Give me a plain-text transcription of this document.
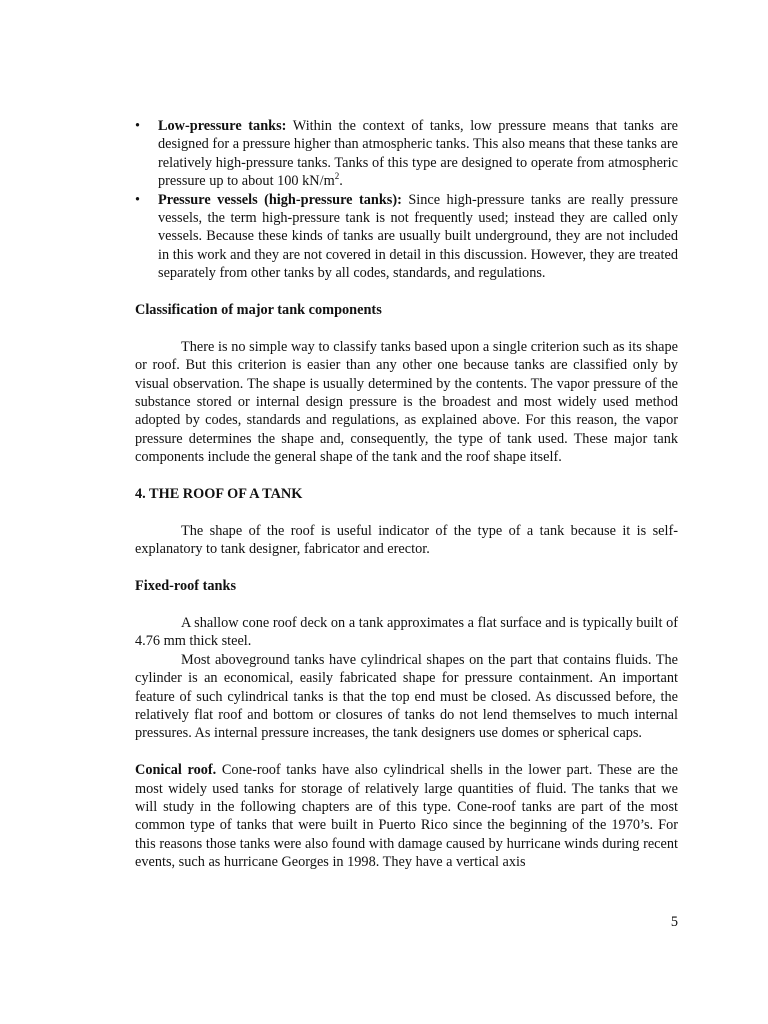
•	Low-pressure tanks: Within the context of tanks, low pressure means that tanks are designed for a pressure higher than atmospheric tanks. This also means that these tanks are relatively high-pressure tanks. Tanks of this type are designed to operate from atmospheric pressure up to about 100 $kN/m^2$.
•	Pressure vessels (high-pressure tanks): Since high-pressure tanks are really pressure vessels, the term high-pressure tank is not frequently used; instead they are called only vessels. Because these kinds of tanks are usually built underground, they are not included in this work and they are not covered in detail in this discussion. However, they are treated separately from other tanks by all codes, standards, and regulations.

Classification of major tank components

There is no simple way to classify tanks based upon a single criterion such as its shape or roof. But this criterion is easier than any other one because tanks are classified only by visual observation. The shape is usually determined by the contents. The vapor pressure of the substance stored or internal design pressure is the broadest and most widely used method adopted by codes, standards and regulations, as explained above. For this reason, the vapor pressure determines the shape and, consequently, the type of tank used. These major tank components include the general shape of the tank and the roof shape itself.

4. THE ROOF OF A TANK

The shape of the roof is useful indicator of the type of a tank because it is self-explanatory to tank designer, fabricator and erector.

Fixed-roof tanks

A shallow cone roof deck on a tank approximates a flat surface and is typically built of 4.76 mm thick steel.

Most aboveground tanks have cylindrical shapes on the part that contains fluids. The cylinder is an economical, easily fabricated shape for pressure containment. An important feature of such cylindrical tanks is that the top end must be closed. As discussed before, the relatively flat roof and bottom or closures of tanks do not lend themselves to much internal pressures. As internal pressure increases, the tank designers use domes or spherical caps.

Conical roof. Cone-roof tanks have also cylindrical shells in the lower part. These are the most widely used tanks for storage of relatively large quantities of fluid. The tanks that we will study in the following chapters are of this type. Cone-roof tanks are part of the most common type of tanks that were built in Puerto Rico since the beginning of the 1970’s. For this reasons those tanks were also found with damage caused by hurricane winds during recent events, such as hurricane Georges in 1998. They have a vertical axis

5
